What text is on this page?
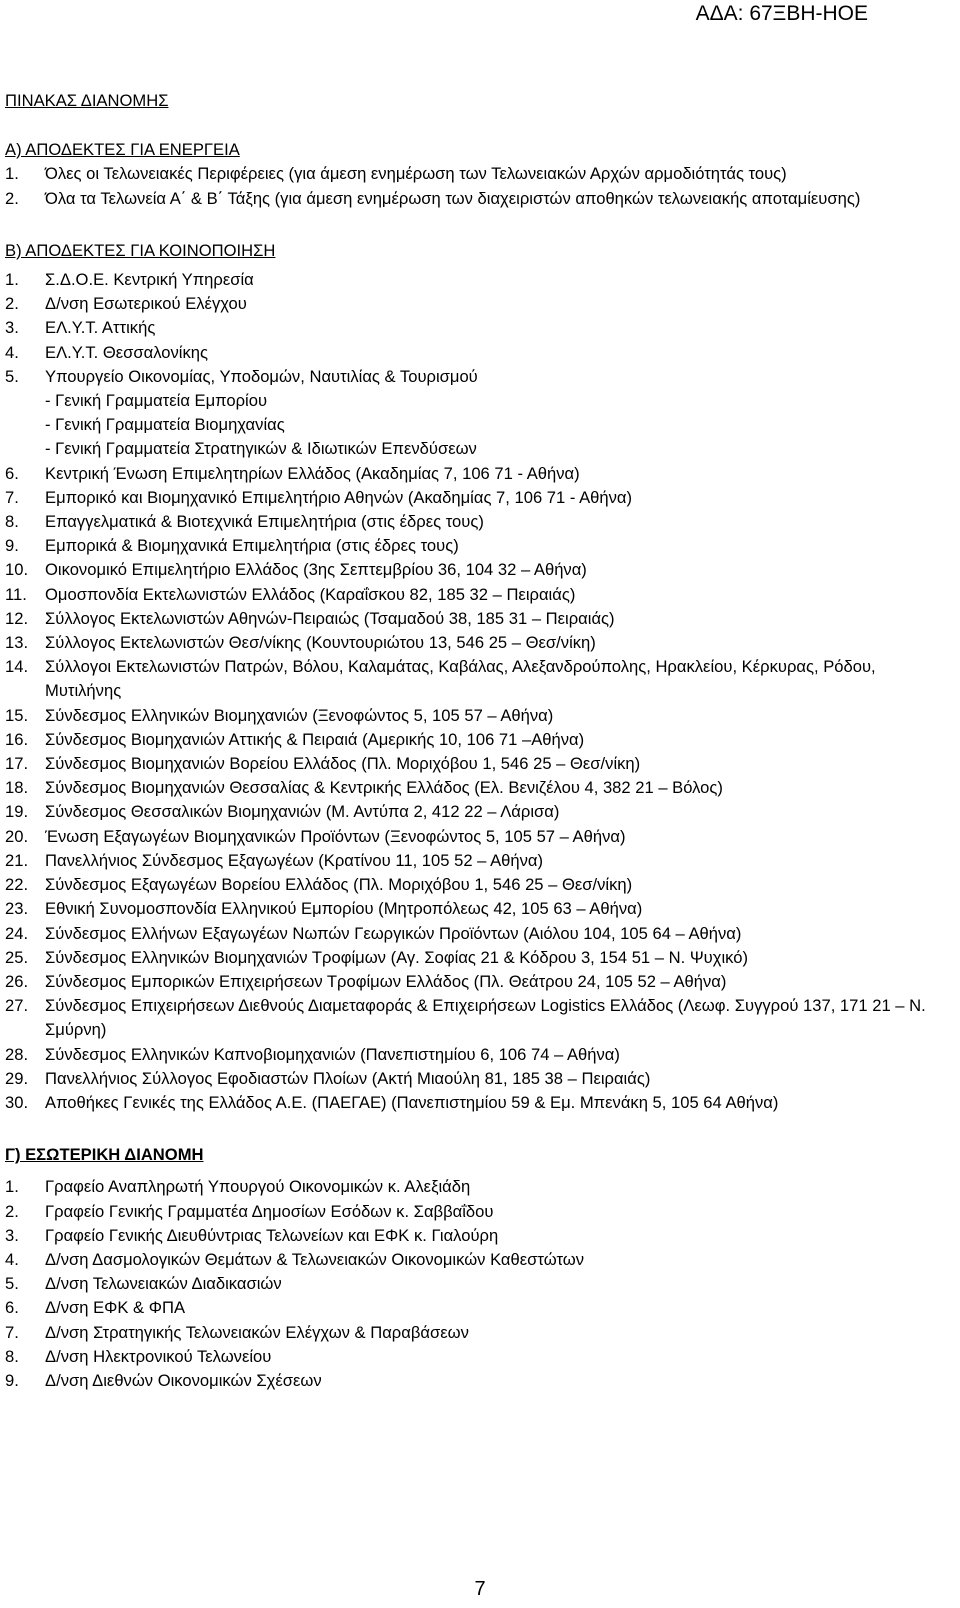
ΑΔΑ: 67ΞΒΗ-ΗΟΕ
ΠΙΝΑΚΑΣ ΔΙΑΝΟΜΗΣ
Α) ΑΠΟΔΕΚΤΕΣ ΓΙΑ ΕΝΕΡΓΕΙΑ
1. Όλες οι Τελωνειακές Περιφέρειες (για άμεση ενημέρωση των Τελωνειακών Αρχών αρμοδιότητάς τους)
2. Όλα τα Τελωνεία Α΄ & Β΄ Τάξης (για άμεση ενημέρωση των διαχειριστών αποθηκών τελωνειακής αποταμίευσης)
Β) ΑΠΟΔΕΚΤΕΣ ΓΙΑ ΚΟΙΝΟΠΟΙΗΣΗ
1. Σ.Δ.Ο.Ε. Κεντρική Υπηρεσία
2. Δ/νση Εσωτερικού Ελέγχου
3. ΕΛ.Υ.Τ. Αττικής
4. ΕΛ.Υ.Τ. Θεσσαλονίκης
5. Υπουργείο Οικονομίας, Υποδομών, Ναυτιλίας & Τουρισμού
- Γενική Γραμματεία Εμπορίου
- Γενική Γραμματεία Βιομηχανίας
- Γενική Γραμματεία Στρατηγικών & Ιδιωτικών Επενδύσεων
6. Κεντρική Ένωση Επιμελητηρίων Ελλάδος (Ακαδημίας 7, 106 71 - Αθήνα)
7. Εμπορικό και Βιομηχανικό Επιμελητήριο Αθηνών (Ακαδημίας 7, 106 71 - Αθήνα)
8. Επαγγελματικά & Βιοτεχνικά Επιμελητήρια (στις έδρες τους)
9. Εμπορικά & Βιομηχανικά Επιμελητήρια (στις έδρες τους)
10. Οικονομικό Επιμελητήριο Ελλάδος (3ης Σεπτεμβρίου 36, 104 32 – Αθήνα)
11. Ομοσπονδία Εκτελωνιστών Ελλάδος (Καραΐσκου 82, 185 32 – Πειραιάς)
12. Σύλλογος Εκτελωνιστών Αθηνών-Πειραιώς (Τσαμαδού 38, 185 31 – Πειραιάς)
13. Σύλλογος Εκτελωνιστών Θεσ/νίκης (Κουντουριώτου 13, 546 25 – Θεσ/νίκη)
14. Σύλλογοι Εκτελωνιστών Πατρών, Βόλου, Καλαμάτας, Καβάλας, Αλεξανδρούπολης, Ηρακλείου, Κέρκυρας, Ρόδου, Μυτιλήνης
15. Σύνδεσμος Ελληνικών Βιομηχανιών (Ξενοφώντος 5, 105 57 – Αθήνα)
16. Σύνδεσμος Βιομηχανιών Αττικής & Πειραιά (Αμερικής 10, 106 71 –Αθήνα)
17. Σύνδεσμος Βιομηχανιών Βορείου Ελλάδος (Πλ. Μοριχόβου 1, 546 25 – Θεσ/νίκη)
18. Σύνδεσμος Βιομηχανιών Θεσσαλίας & Κεντρικής Ελλάδος (Ελ. Βενιζέλου 4, 382 21 – Βόλος)
19. Σύνδεσμος Θεσσαλικών Βιομηχανιών (Μ. Αντύπα 2, 412 22 – Λάρισα)
20. Ένωση Εξαγωγέων Βιομηχανικών Προϊόντων (Ξενοφώντος 5, 105 57 – Αθήνα)
21. Πανελλήνιος Σύνδεσμος Εξαγωγέων (Κρατίνου 11, 105 52 – Αθήνα)
22. Σύνδεσμος Εξαγωγέων Βορείου Ελλάδος (Πλ. Μοριχόβου 1, 546 25 – Θεσ/νίκη)
23. Εθνική Συνομοσπονδία Ελληνικού Εμπορίου (Μητροπόλεως 42, 105 63 – Αθήνα)
24. Σύνδεσμος Ελλήνων Εξαγωγέων Νωπών Γεωργικών Προϊόντων (Αιόλου 104, 105 64 – Αθήνα)
25. Σύνδεσμος Ελληνικών Βιομηχανιών Τροφίμων (Αγ. Σοφίας 21 & Κόδρου 3, 154 51 – Ν. Ψυχικό)
26. Σύνδεσμος Εμπορικών Επιχειρήσεων Τροφίμων Ελλάδος (Πλ. Θεάτρου 24, 105 52 – Αθήνα)
27. Σύνδεσμος Επιχειρήσεων Διεθνούς Διαμεταφοράς & Επιχειρήσεων Logistics Ελλάδος (Λεωφ. Συγγρού 137, 171 21 – Ν. Σμύρνη)
28. Σύνδεσμος Ελληνικών Καπνοβιομηχανιών (Πανεπιστημίου 6, 106 74 – Αθήνα)
29. Πανελλήνιος Σύλλογος Εφοδιαστών Πλοίων (Ακτή Μιαούλη 81, 185 38 – Πειραιάς)
30. Αποθήκες Γενικές της Ελλάδος Α.Ε. (ΠΑΕΓΑΕ) (Πανεπιστημίου 59 & Εμ. Μπενάκη 5, 105 64 Αθήνα)
Γ) ΕΣΩΤΕΡΙΚΗ ΔΙΑΝΟΜΗ
1. Γραφείο Αναπληρωτή Υπουργού Οικονομικών κ. Αλεξιάδη
2. Γραφείο Γενικής Γραμματέα Δημοσίων Εσόδων κ. Σαββαΐδου
3. Γραφείο Γενικής Διευθύντριας Τελωνείων και ΕΦΚ κ. Γιαλούρη
4. Δ/νση Δασμολογικών Θεμάτων & Τελωνειακών Οικονομικών Καθεστώτων
5. Δ/νση Τελωνειακών Διαδικασιών
6. Δ/νση ΕΦΚ & ΦΠΑ
7. Δ/νση Στρατηγικής Τελωνειακών Ελέγχων & Παραβάσεων
8. Δ/νση Ηλεκτρονικού Τελωνείου
9. Δ/νση Διεθνών Οικονομικών Σχέσεων
7
